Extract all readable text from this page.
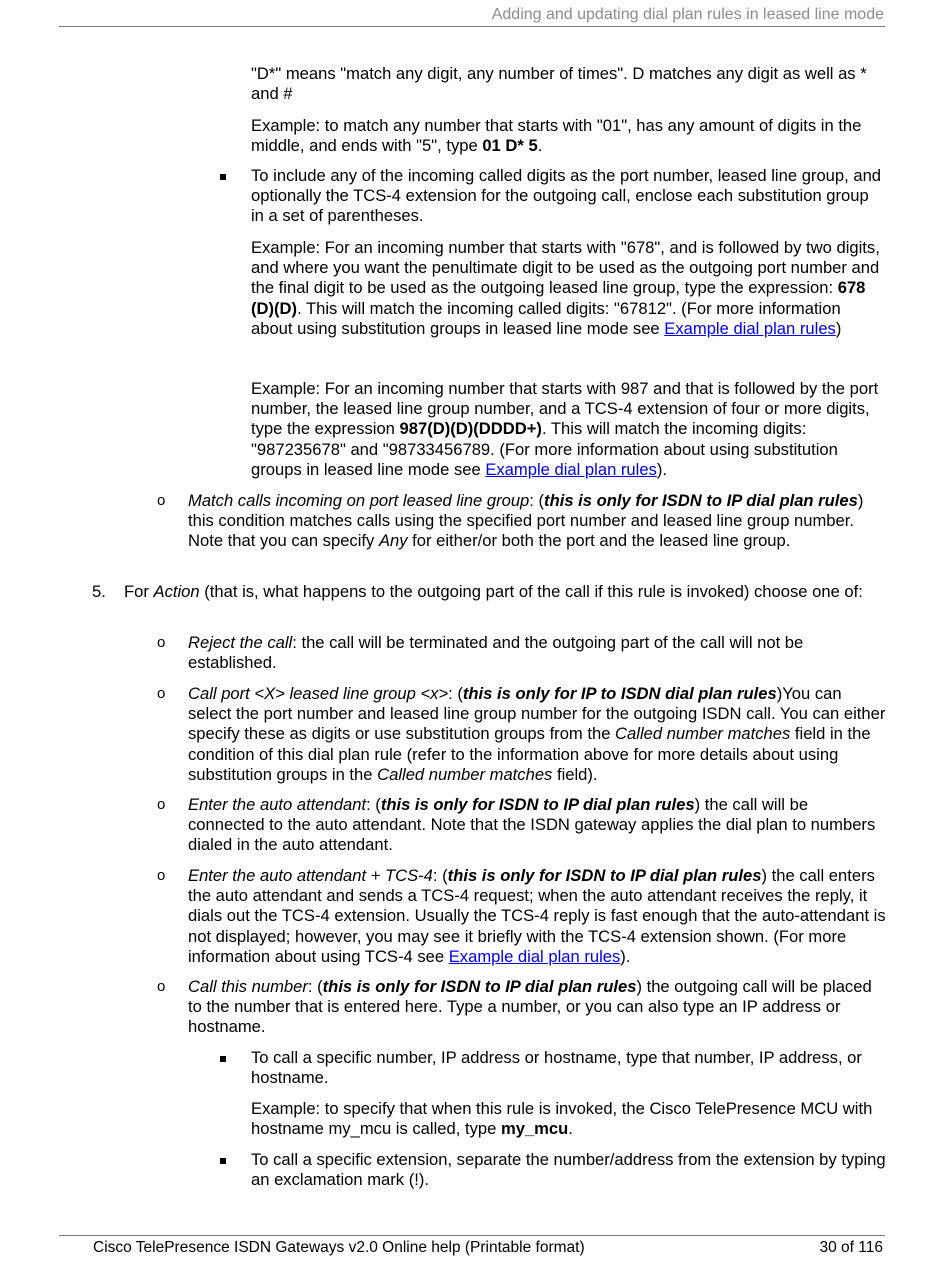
Adding and updating dial plan rules in leased line mode

"D*" means "match any digit, any number of times". D matches any digit as well as * and #

Example: to match any number that starts with "01", has any amount of digits in the middle, and ends with "5", type 01 D* 5.

To include any of the incoming called digits as the port number, leased line group, and optionally the TCS-4 extension for the outgoing call, enclose each substitution group in a set of parentheses.

Example: For an incoming number that starts with "678", and is followed by two digits, and where you want the penultimate digit to be used as the outgoing port number and the final digit to be used as the outgoing leased line group, type the expression: 678 (D)(D). This will match the incoming called digits: "67812". (For more information about using substitution groups in leased line mode see Example dial plan rules)

Example: For an incoming number that starts with 987 and that is followed by the port number, the leased line group number, and a TCS-4 extension of four or more digits, type the expression 987(D)(D)(DDDD+). This will match the incoming digits: "987235678" and "98733456789. (For more information about using substitution groups in leased line mode see Example dial plan rules).

o Match calls incoming on port leased line group: (this is only for ISDN to IP dial plan rules) this condition matches calls using the specified port number and leased line group number. Note that you can specify Any for either/or both the port and the leased line group.

5. For Action (that is, what happens to the outgoing part of the call if this rule is invoked) choose one of:

o Reject the call: the call will be terminated and the outgoing part of the call will not be established.

o Call port <X> leased line group <x>: (this is only for IP to ISDN dial plan rules)You can select the port number and leased line group number for the outgoing ISDN call. You can either specify these as digits or use substitution groups from the Called number matches field in the condition of this dial plan rule (refer to the information above for more details about using substitution groups in the Called number matches field).

o Enter the auto attendant: (this is only for ISDN to IP dial plan rules) the call will be connected to the auto attendant. Note that the ISDN gateway applies the dial plan to numbers dialed in the auto attendant.

o Enter the auto attendant + TCS-4: (this is only for ISDN to IP dial plan rules) the call enters the auto attendant and sends a TCS-4 request; when the auto attendant receives the reply, it dials out the TCS-4 extension. Usually the TCS-4 reply is fast enough that the auto-attendant is not displayed; however, you may see it briefly with the TCS-4 extension shown. (For more information about using TCS-4 see Example dial plan rules).

o Call this number: (this is only for ISDN to IP dial plan rules) the outgoing call will be placed to the number that is entered here. Type a number, or you can also type an IP address or hostname.

To call a specific number, IP address or hostname, type that number, IP address, or hostname.

Example: to specify that when this rule is invoked, the Cisco TelePresence MCU with hostname my_mcu is called, type my_mcu.

To call a specific extension, separate the number/address from the extension by typing an exclamation mark (!).

Cisco TelePresence ISDN Gateways v2.0 Online help (Printable format)	30 of 116
